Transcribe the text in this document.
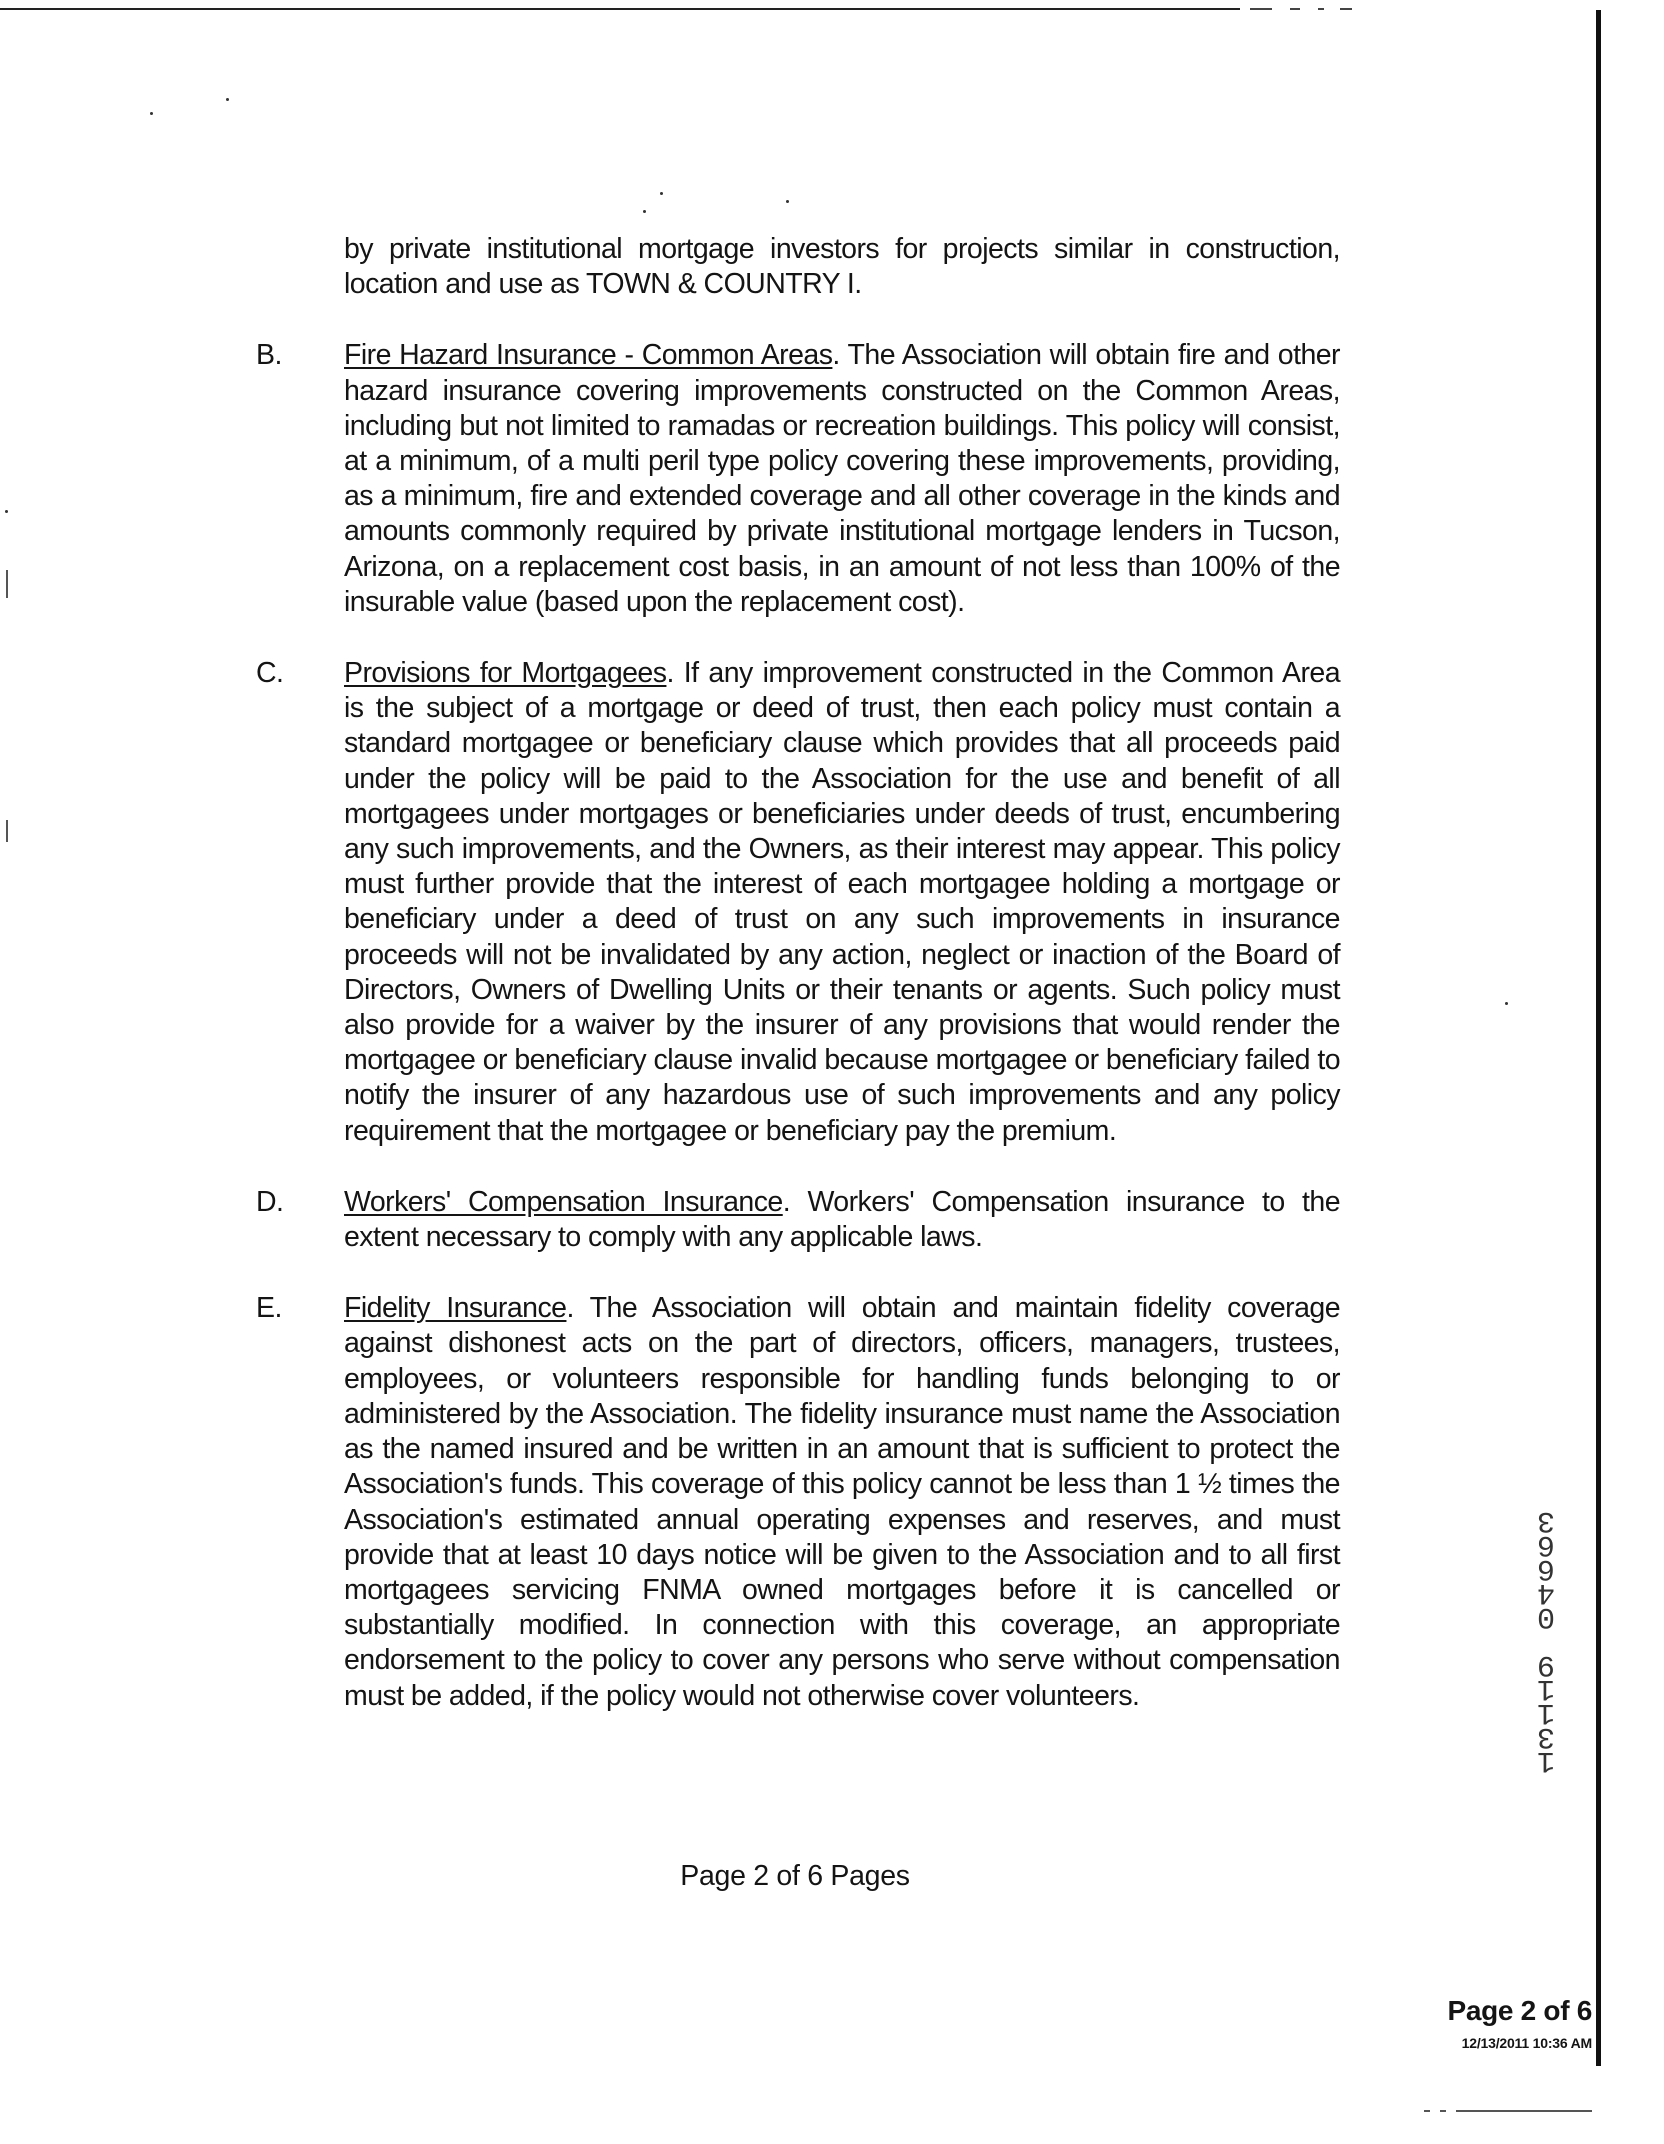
by private institutional mortgage investors for projects similar in construction, location and use as TOWN & COUNTRY I.
B. Fire Hazard Insurance - Common Areas. The Association will obtain fire and other hazard insurance covering improvements constructed on the Common Areas, including but not limited to ramadas or recreation buildings. This policy will consist, at a minimum, of a multi peril type policy covering these improvements, providing, as a minimum, fire and extended coverage and all other coverage in the kinds and amounts commonly required by private institutional mortgage lenders in Tucson, Arizona, on a replacement cost basis, in an amount of not less than 100% of the insurable value (based upon the replacement cost).
C. Provisions for Mortgagees. If any improvement constructed in the Common Area is the subject of a mortgage or deed of trust, then each policy must contain a standard mortgagee or beneficiary clause which provides that all proceeds paid under the policy will be paid to the Association for the use and benefit of all mortgagees under mortgages or beneficiaries under deeds of trust, encumbering any such improvements, and the Owners, as their interest may appear. This policy must further provide that the interest of each mortgagee holding a mortgage or beneficiary under a deed of trust on any such improvements in insurance proceeds will not be invalidated by any action, neglect or inaction of the Board of Directors, Owners of Dwelling Units or their tenants or agents. Such policy must also provide for a waiver by the insurer of any provisions that would render the mortgagee or beneficiary clause invalid because mortgagee or beneficiary failed to notify the insurer of any hazardous use of such improvements and any policy requirement that the mortgagee or beneficiary pay the premium.
D. Workers' Compensation Insurance. Workers' Compensation insurance to the extent necessary to comply with any applicable laws.
E. Fidelity Insurance. The Association will obtain and maintain fidelity coverage against dishonest acts on the part of directors, officers, managers, trustees, employees, or volunteers responsible for handling funds belonging to or administered by the Association. The fidelity insurance must name the Association as the named insured and be written in an amount that is sufficient to protect the Association's funds. This coverage of this policy cannot be less than 1 ½ times the Association's estimated annual operating expenses and reserves, and must provide that at least 10 days notice will be given to the Association and to all first mortgagees servicing FNMA owned mortgages before it is cancelled or substantially modified. In connection with this coverage, an appropriate endorsement to the policy to cover any persons who serve without compensation must be added, if the policy would not otherwise cover volunteers.
Page 2 of 6 Pages
1
3
1
1
9

0
4
6
6
3
Page 2 of 6
12/13/2011 10:36 AM
